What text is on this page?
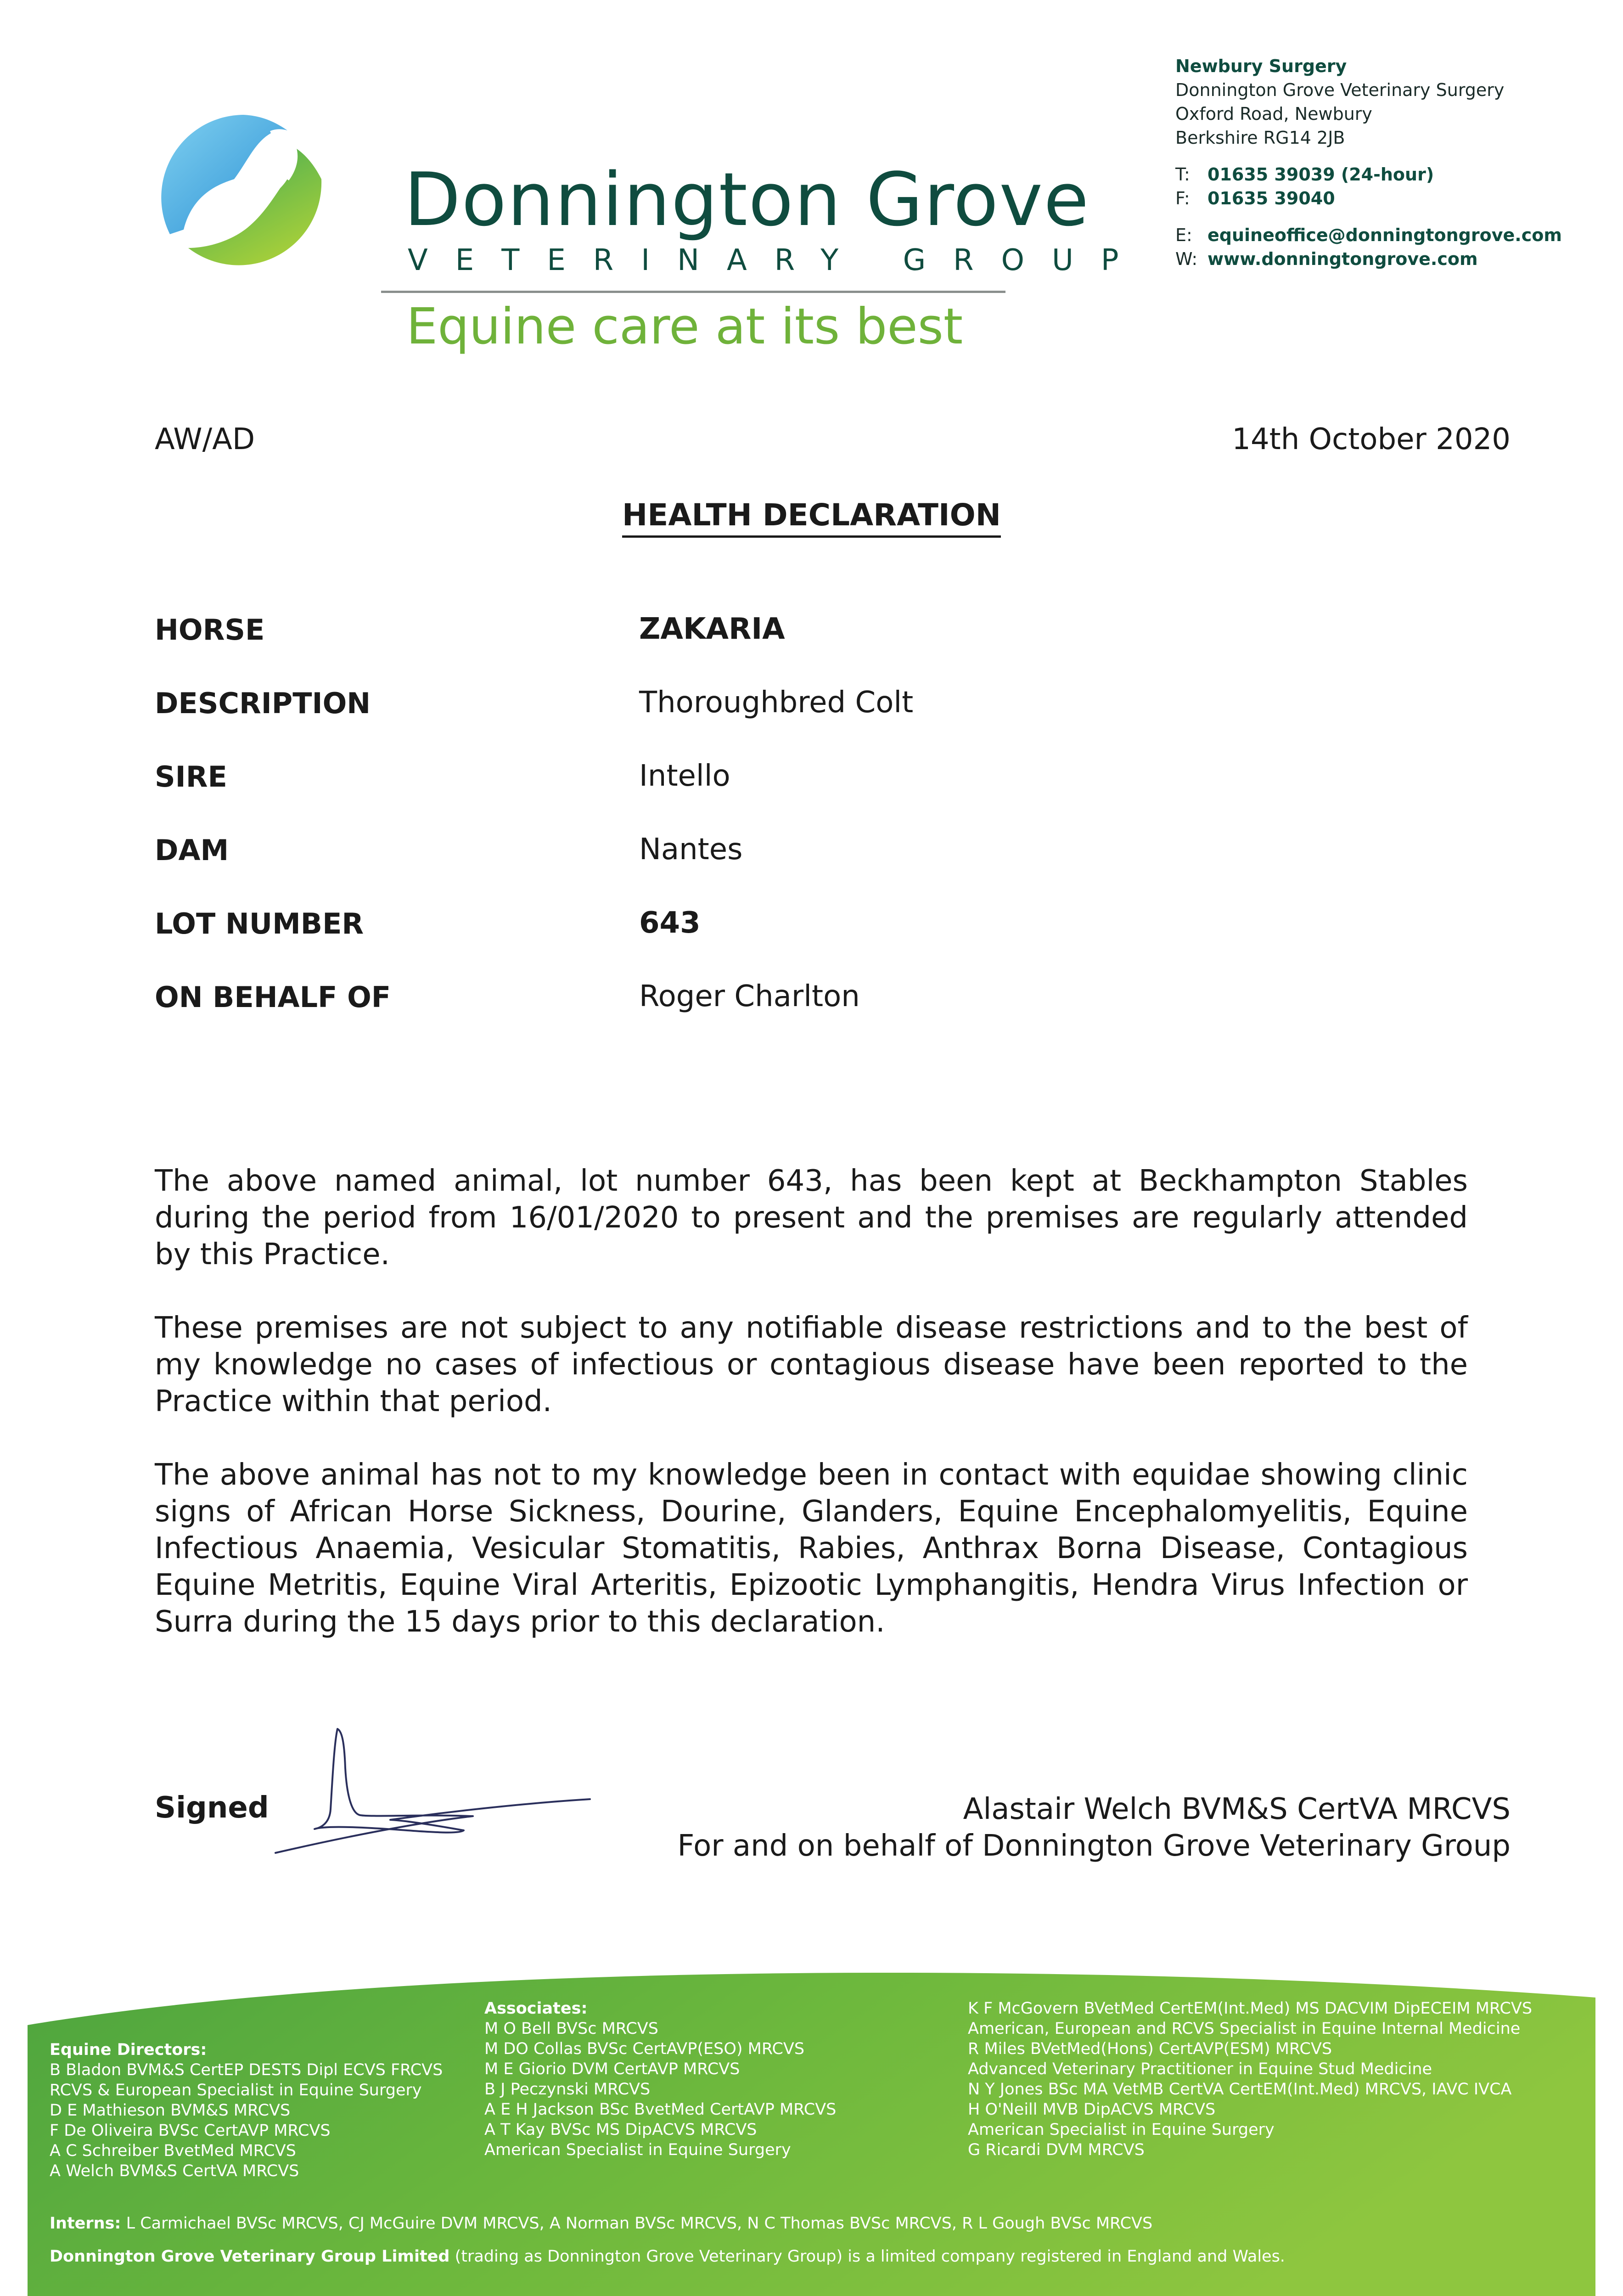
Donnington Grove
VETERINARY GROUP
Equine care at its best
Newbury Surgery
Donnington Grove Veterinary Surgery
Oxford Road, Newbury
Berkshire RG14 2JB
T: 01635 39039 (24-hour)
F: 01635 39040
E: equineoffice@donningtongrove.com
W: www.donningtongrove.com
AW/AD	14th October 2020
HEALTH DECLARATION
HORSE	ZAKARIA
DESCRIPTION	Thoroughbred Colt
SIRE	Intello
DAM	Nantes
LOT NUMBER	643
ON BEHALF OF	Roger Charlton
The above named animal, lot number 643, has been kept at Beckhampton Stables during the period from 16/01/2020 to present and the premises are regularly attended by this Practice.
These premises are not subject to any notifiable disease restrictions and to the best of my knowledge no cases of infectious or contagious disease have been reported to the Practice within that period.
The above animal has not to my knowledge been in contact with equidae showing clinic signs of African Horse Sickness, Dourine, Glanders, Equine Encephalomyelitis, Equine Infectious Anaemia, Vesicular Stomatitis, Rabies, Anthrax Borna Disease, Contagious Equine Metritis, Equine Viral Arteritis, Epizootic Lymphangitis, Hendra Virus Infection or Surra during the 15 days prior to this declaration.
Signed	Alastair Welch BVM&S CertVA MRCVS
For and on behalf of Donnington Grove Veterinary Group
Equine Directors:
B Bladon BVM&S CertEP DESTS Dipl ECVS FRCVS
RCVS & European Specialist in Equine Surgery
D E Mathieson BVM&S MRCVS
F De Oliveira BVSc CertAVP MRCVS
A C Schreiber BvetMed MRCVS
A Welch BVM&S CertVA MRCVS
Associates:
M O Bell BVSc MRCVS
M DO Collas BVSc CertAVP(ESO) MRCVS
M E Giorio DVM CertAVP MRCVS
B J Peczynski MRCVS
A E H Jackson BSc BvetMed CertAVP MRCVS
A T Kay BVSc MS DipACVS MRCVS
American Specialist in Equine Surgery
K F McGovern BVetMed CertEM(Int.Med) MS DACVIM DipECEIM MRCVS
American, European and RCVS Specialist in Equine Internal Medicine
R Miles BVetMed(Hons) CertAVP(ESM) MRCVS
Advanced Veterinary Practitioner in Equine Stud Medicine
N Y Jones BSc MA VetMB CertVA CertEM(Int.Med) MRCVS, IAVC IVCA
H O'Neill MVB DipACVS MRCVS
American Specialist in Equine Surgery
G Ricardi DVM MRCVS
Interns: L Carmichael BVSc MRCVS, CJ McGuire DVM MRCVS, A Norman BVSc MRCVS, N C Thomas BVSc MRCVS, R L Gough BVSc MRCVS
Donnington Grove Veterinary Group Limited (trading as Donnington Grove Veterinary Group) is a limited company registered in England and Wales.
